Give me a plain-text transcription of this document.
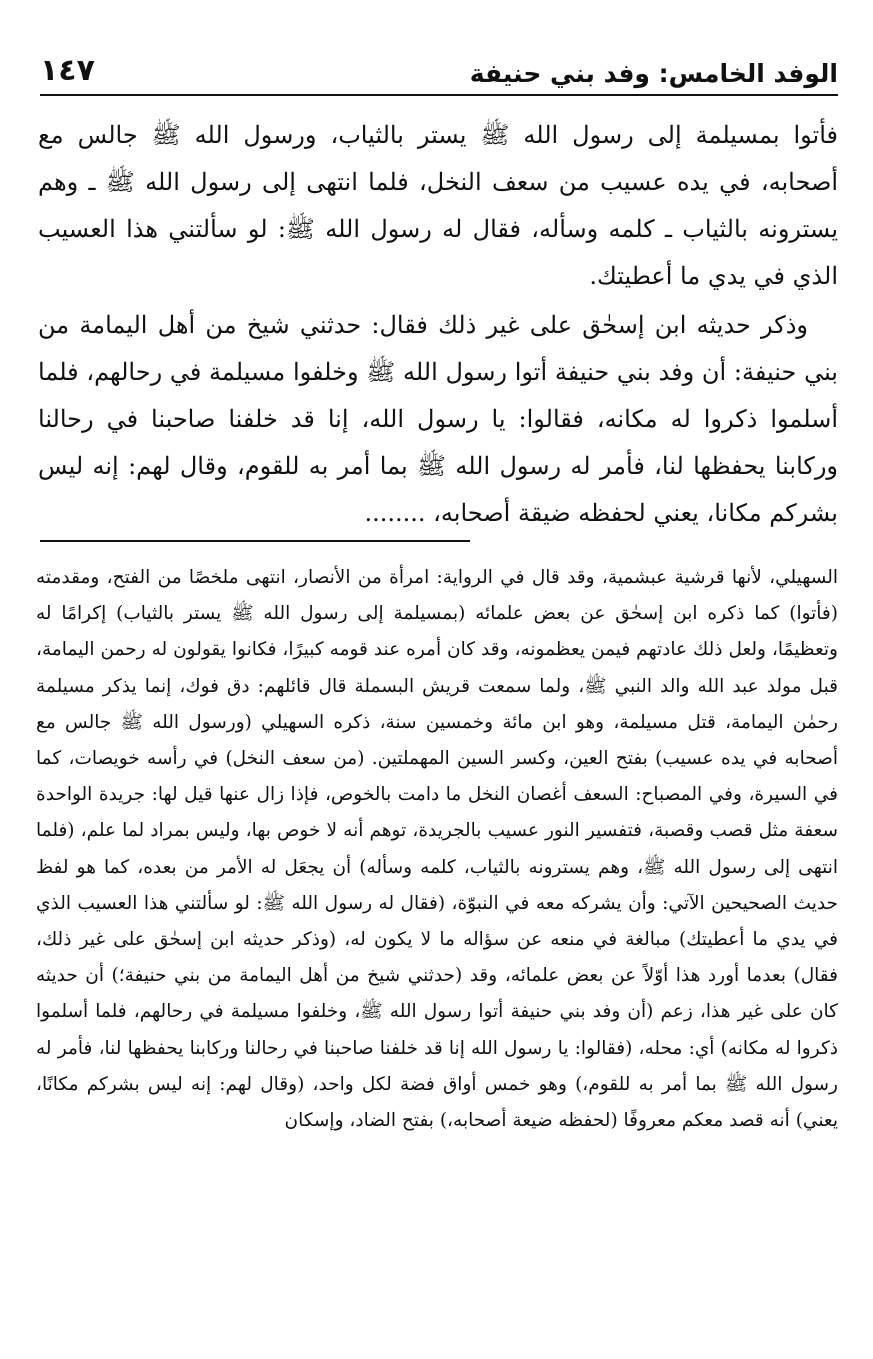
١٤٧	الوفد الخامس: وفد بني حنيفة

فأتوا بمسيلمة إلى رسول الله ﷺ يستر بالثياب، ورسول الله ﷺ جالس مع أصحابه، في يده عسيب من سعف النخل، فلما انتهى إلى رسول الله ﷺ ـ وهم يسترونه بالثياب ـ كلمه وسأله، فقال له رسول الله ﷺ: لو سألتني هذا العسيب الذي في يدي ما أعطيتك.

وذكر حديثه ابن إسحٰق على غير ذلك فقال: حدثني شيخ من أهل اليمامة من بني حنيفة: أن وفد بني حنيفة أتوا رسول الله ﷺ وخلفوا مسيلمة في رحالهم، فلما أسلموا ذكروا له مكانه، فقالوا: يا رسول الله، إنا قد خلفنا صاحبنا في رحالنا وركابنا يحفظها لنا، فأمر له رسول الله ﷺ بما أمر به للقوم، وقال لهم: إنه ليس بشركم مكانا، يعني لحفظه ضيقة أصحابه، ........

السهيلي، لأنها قرشية عبشمية، وقد قال في الرواية: امرأة من الأنصار، انتهى ملخصًا من الفتح، ومقدمته (فأتوا) كما ذكره ابن إسحٰق عن بعض علمائه (بمسيلمة إلى رسول الله ﷺ يستر بالثياب) إكرامًا له وتعظيمًا، ولعل ذلك عادتهم فيمن يعظمونه، وقد كان أمره عند قومه كبيرًا، فكانوا يقولون له رحمن اليمامة، قبل مولد عبد الله والد النبي ﷺ، ولما سمعت قريش البسملة قال قائلهم: دق فوك، إنما يذكر مسيلمة رحمٰن اليمامة، قتل مسيلمة، وهو ابن مائة وخمسين سنة، ذكره السهيلي (ورسول الله ﷺ جالس مع أصحابه في يده عسيب) بفتح العين، وكسر السين المهملتين. (من سعف النخل) في رأسه خويصات، كما في السيرة، وفي المصباح: السعف أغصان النخل ما دامت بالخوص، فإذا زال عنها قيل لها: جريدة الواحدة سعفة مثل قصب وقصبة، فتفسير النور عسيب بالجريدة، توهم أنه لا خوص بها، وليس بمراد لما علم، (فلما انتهى إلى رسول الله ﷺ، وهم يسترونه بالثياب، كلمه وسأله) أن يجعَل له الأمر من بعده، كما هو لفظ حديث الصحيحين الآتي: وأن يشركه معه في النبوّة، (فقال له رسول الله ﷺ: لو سألتني هذا العسيب الذي في يدي ما أعطيتك) مبالغة في منعه عن سؤاله ما لا يكون له، (وذكر حديثه ابن إسحٰق على غير ذلك، فقال) بعدما أورد هذا أوّلاً عن بعض علمائه، وقد (حدثني شيخ من أهل اليمامة من بني حنيفة؛) أن حديثه كان على غير هذا، زعم (أن وفد بني حنيفة أتوا رسول الله ﷺ، وخلفوا مسيلمة في رحالهم، فلما أسلموا ذكروا له مكانه) أي: محله، (فقالوا: يا رسول الله إنا قد خلفنا صاحبنا في رحالنا وركابنا يحفظها لنا، فأمر له رسول الله ﷺ بما أمر به للقوم،) وهو خمس أواق فضة لكل واحد، (وقال لهم: إنه ليس بشركم مكانًا، يعني) أنه قصد معكم معروفًا (لحفظه ضيعة أصحابه،) بفتح الضاد، وإسكان
